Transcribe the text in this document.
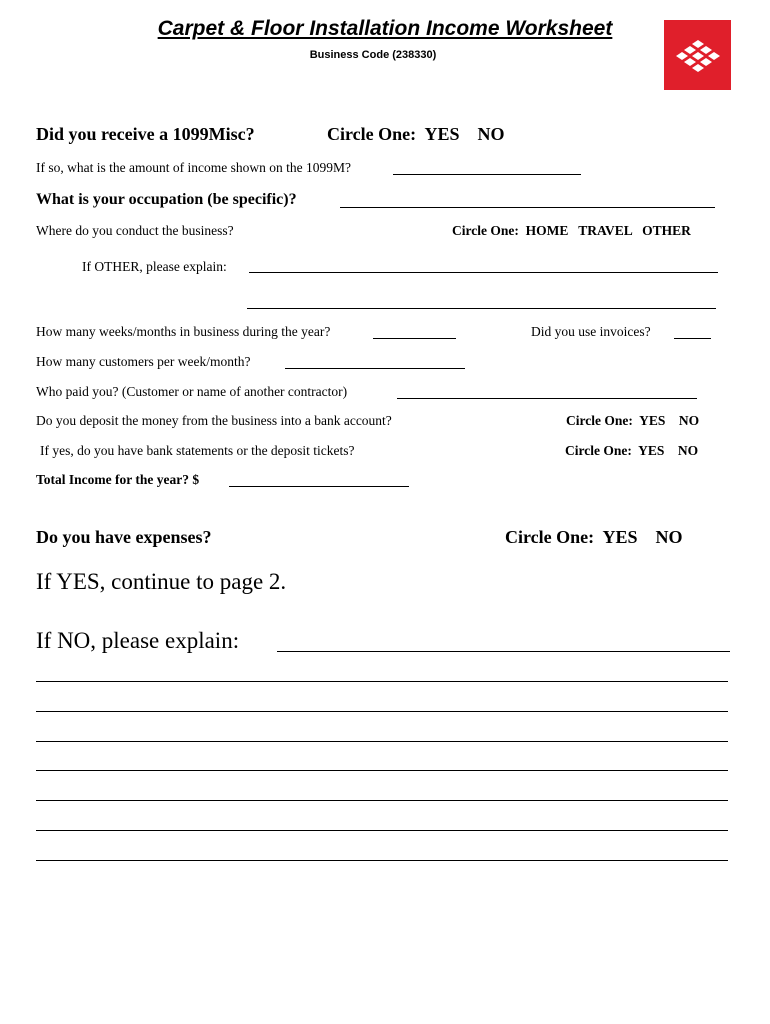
Carpet & Floor Installation Income Worksheet
Business Code (238330)
Did you receive a 1099Misc?	Circle One:  YES    NO
If so, what is the amount of income shown on the 1099M?
What is your occupation (be specific)?
Where do you conduct the business?	Circle One:  HOME   TRAVEL   OTHER
If OTHER, please explain:
How many weeks/months in business during the year?	Did you use invoices?
How many customers per week/month?
Who paid you? (Customer or name of another contractor)
Do you deposit the money from the business into a bank account?	Circle One:  YES    NO
If yes, do you have bank statements or the deposit tickets?	Circle One:  YES    NO
Total Income for the year? $
Do you have expenses?	Circle One:  YES    NO
If YES, continue to page 2.
If NO, please explain:
